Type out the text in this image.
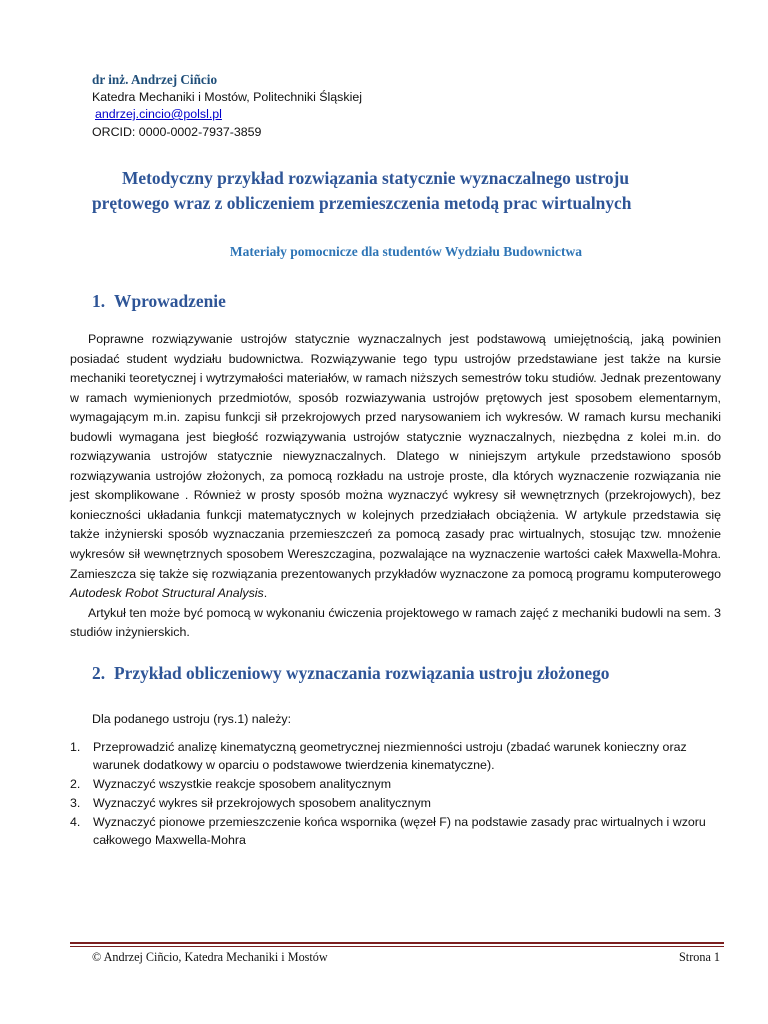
dr inż. Andrzej Ciñcio
Katedra Mechaniki i Mostów, Politechniki Śląskiej
andrzej.cincio@polsl.pl
ORCID: 0000-0002-7937-3859
Metodyczny przykład rozwiązania statycznie wyznaczalnego ustroju
prętowego wraz z obliczeniem przemieszczenia metodą prac wirtualnych
Materiały pomocnicze dla studentów Wydziału Budownictwa
1. Wprowadzenie

Poprawne rozwiązywanie ustrojów statycznie wyznaczalnych jest podstawową umiejętnością, jaką powinien posiadać student wydziału budownictwa. Rozwiązywanie tego typu ustrojów przedstawiane jest także na kursie mechaniki teoretycznej i wytrzymałości materiałów, w ramach niższych semestrów toku studiów. Jednak prezentowany w ramach wymienionych przedmiotów, sposób rozwiazywania ustrojów prętowych jest sposobem elementarnym, wymagającym m.in. zapisu funkcji sił przekrojowych przed narysowaniem ich wykresów. W ramach kursu mechaniki budowli wymagana jest biegłość rozwiązywania ustrojów statycznie wyznaczalnych, niezbędna z kolei m.in. do rozwiązywania ustrojów statycznie niewyznaczalnych. Dlatego w niniejszym artykule przedstawiono sposób rozwiązywania ustrojów złożonych, za pomocą rozkładu na ustroje proste, dla których wyznaczenie rozwiązania nie jest skomplikowane . Również w prosty sposób można wyznaczyć wykresy sił wewnętrznych (przekrojowych), bez konieczności układania funkcji matematycznych w kolejnych przedziałach obciążenia. W artykule przedstawia się także inżynierski sposób wyznaczania przemieszczeń za pomocą zasady prac wirtualnych, stosując tzw. mnożenie wykresów sił wewnętrznych sposobem Wereszczagina, pozwalające na wyznaczenie wartości całek Maxwella-Mohra. Zamieszcza się także się rozwiązania prezentowanych przykładów wyznaczone za pomocą programu komputerowego Autodesk Robot Structural Analysis.

Artykuł ten może być pomocą w wykonaniu ćwiczenia projektowego w ramach zajęć z mechaniki budowli na sem. 3 studiów inżynierskich.

2. Przykład obliczeniowy wyznaczania rozwiązania ustroju złożonego
Dla podanego ustroju (rys.1) należy:
1. Przeprowadzić analizę kinematyczną geometrycznej niezmienności ustroju (zbadać warunek konieczny oraz warunek dodatkowy w oparciu o podstawowe twierdzenia kinematyczne).
2. Wyznaczyć wszystkie reakcje sposobem analitycznym
3. Wyznaczyć wykres sił przekrojowych sposobem analitycznym
4. Wyznaczyć pionowe przemieszczenie końca wspornika (węzeł F) na podstawie zasady prac wirtualnych i wzoru całkowego Maxwella-Mohra
© Andrzej Ciñcio, Katedra Mechaniki i Mostów	Strona 1
